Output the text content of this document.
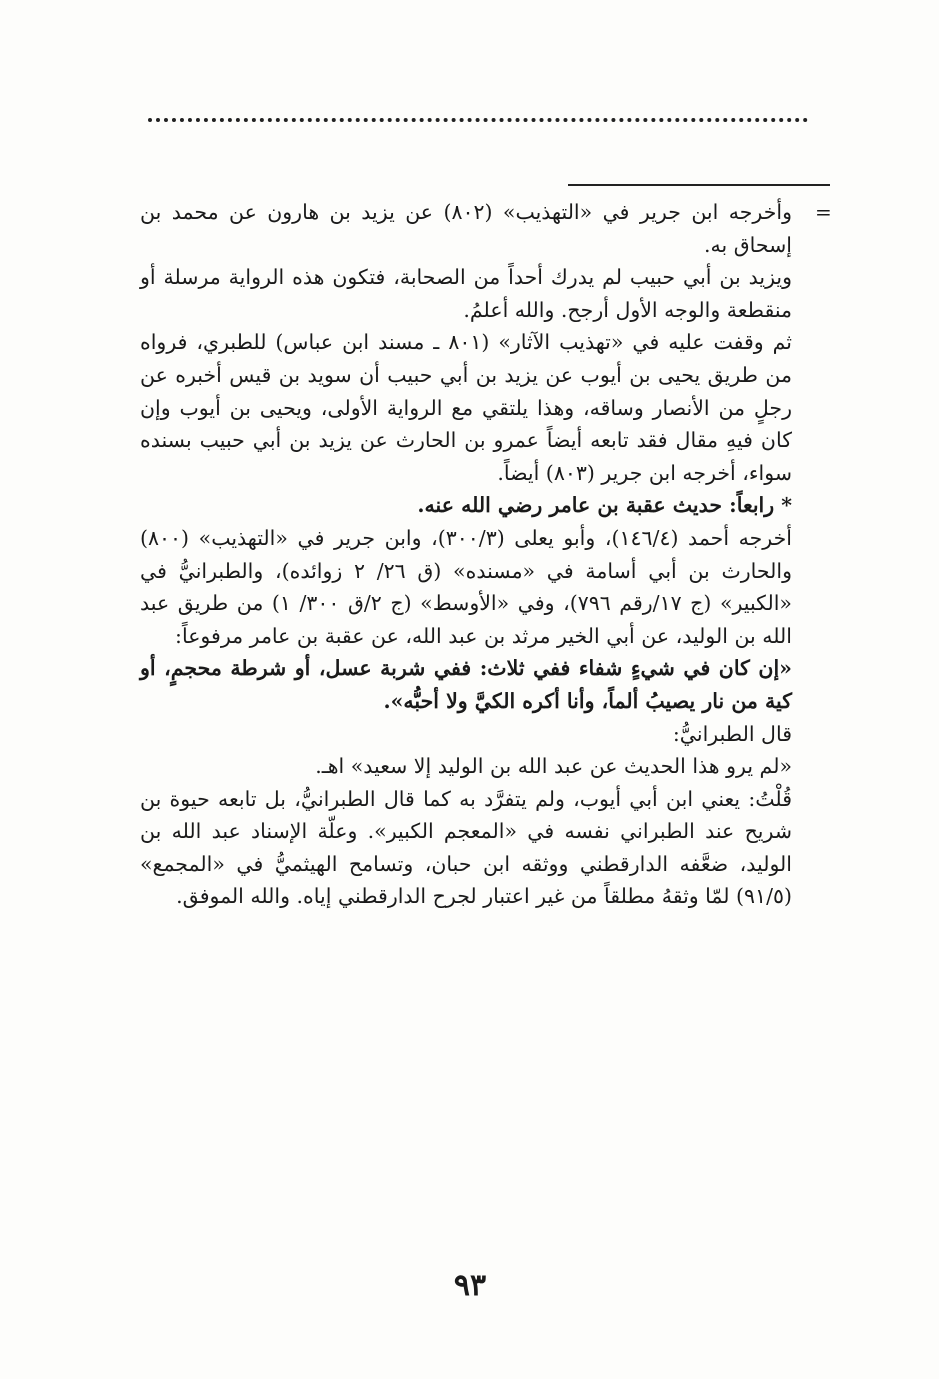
=

وأخرجه ابن جرير في «التهذيب» (٨٠٢) عن يزيد بن هارون عن محمد بن إسحاق به.

ويزيد بن أبي حبيب لم يدرك أحداً من الصحابة، فتكون هذه الرواية مرسلة أو منقطعة والوجه الأول أرجح. والله أعلمُ.

ثم وقفت عليه في «تهذيب الآثار» (٨٠١ ـ مسند ابن عباس) للطبري، فرواه من طريق يحيى بن أيوب عن يزيد بن أبي حبيب أن سويد بن قيس أخبره عن رجلٍ من الأنصار وساقه، وهذا يلتقي مع الرواية الأولى، ويحيى بن أيوب وإن كان فيهِ مقال فقد تابعه أيضاً عمرو بن الحارث عن يزيد بن أبي حبيب بسنده سواء، أخرجه ابن جرير (٨٠٣) أيضاً.

* رابعاً: حديث عقبة بن عامر رضي الله عنه.

أخرجه أحمد (١٤٦/٤)، وأبو يعلى (٣٠٠/٣)، وابن جرير في «التهذيب» (٨٠٠) والحارث بن أبي أسامة في «مسنده» (ق ٢٦/ ٢ زوائده)، والطبرانيُّ في «الكبير» (ج ١٧/رقم ٧٩٦)، وفي «الأوسط» (ج ٢/ق ٣٠٠/ ١) من طريق عبد الله بن الوليد، عن أبي الخير مرثد بن عبد الله، عن عقبة بن عامر مرفوعاً:

«إن كان في شيءٍ شفاء ففي ثلاث: ففي شربة عسل، أو شرطة محجمٍ، أو كية من نار يصيبُ ألماً، وأنا أكره الكيَّ ولا أحبُّه».

قال الطبرانيُّ:

«لم يرو هذا الحديث عن عبد الله بن الوليد إلا سعيد» اهـ.

قُلْتُ: يعني ابن أبي أيوب، ولم يتفرَّد به كما قال الطبرانيُّ، بل تابعه حيوة بن شريح عند الطبراني نفسه في «المعجم الكبير». وعلّة الإسناد عبد الله بن الوليد، ضعَّفه الدارقطني ووثقه ابن حبان، وتسامح الهيثميُّ في «المجمع» (٩١/٥) لمّا وثقهُ مطلقاً من غير اعتبار لجرح الدارقطني إياه. والله الموفق.

٩٣
